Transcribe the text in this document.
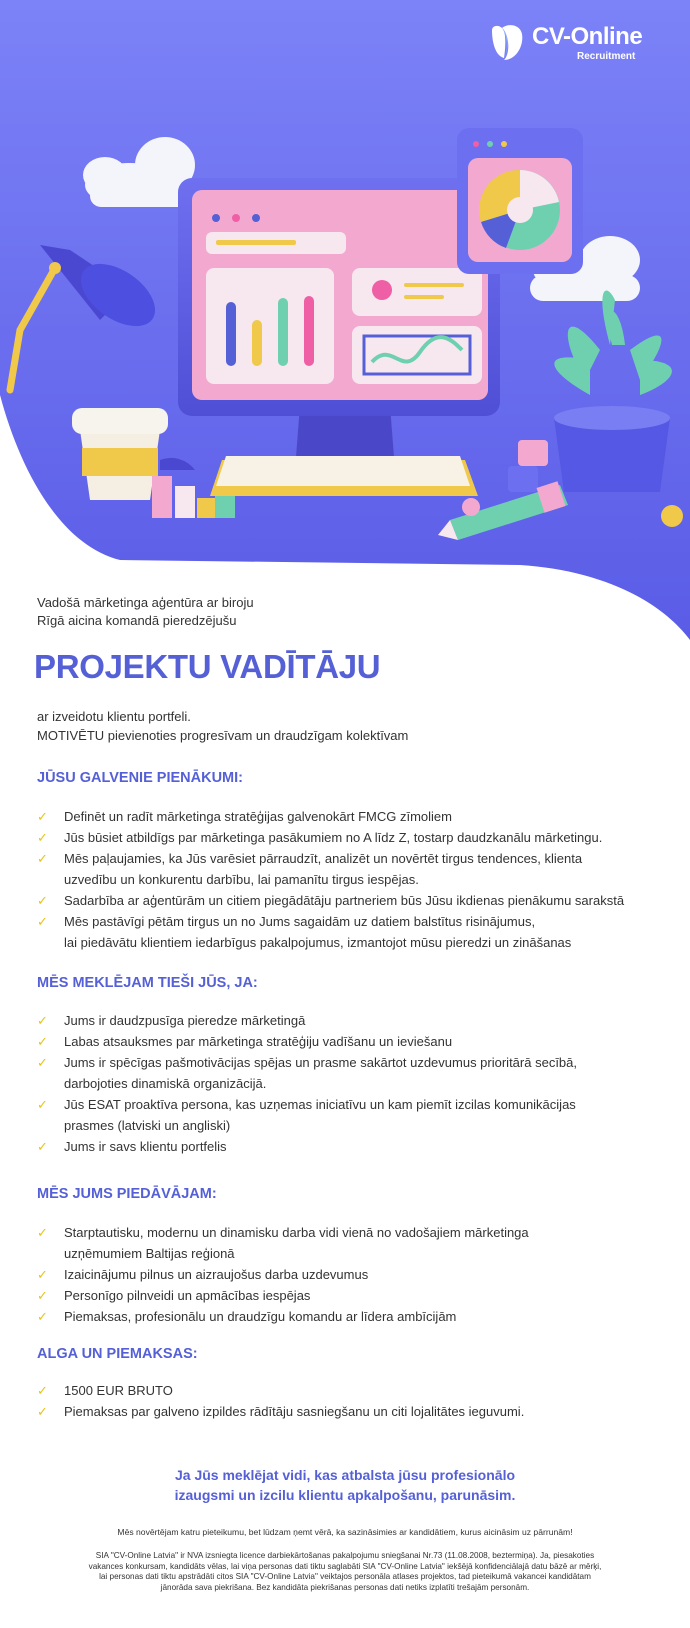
CV-Online
Recruitment
Vadošā mārketinga aģentūra ar biroju
Rīgā aicina komandā pieredzējušu
PROJEKTU VADĪTĀJU
ar izveidotu klientu portfeli.
MOTIVĒTU pievienoties progresīvam un draudzīgam kolektīvam
JŪSU GALVENIE PIENĀKUMI:
✓ Definēt un radīt mārketinga stratēģijas galvenokārt FMCG zīmoliem
✓ Jūs būsiet atbildīgs par mārketinga pasākumiem no A līdz Z, tostarp daudzkanālu mārketingu.
✓ Mēs paļaujamies, ka Jūs varēsiet pārraudzīt, analizēt un novērtēt tirgus tendences, klienta
uzvedību un konkurentu darbību, lai pamanītu tirgus iespējas.
✓ Sadarbība ar aģentūrām un citiem piegādātāju partneriem būs Jūsu ikdienas pienākumu sarakstā
✓ Mēs pastāvīgi pētām tirgus un no Jums sagaidām uz datiem balstītus risinājumus,
lai piedāvātu klientiem iedarbīgus pakalpojumus, izmantojot mūsu pieredzi un zināšanas
MĒS MEKLĒJAM TIEŠI JŪS, JA:
✓ Jums ir daudzpusīga pieredze mārketingā
✓ Labas atsauksmes par mārketinga stratēģiju vadīšanu un ieviešanu
✓ Jums ir spēcīgas pašmotivācijas spējas un prasme sakārtot uzdevumus prioritārā secībā,
darbojoties dinamiskā organizācijā.
✓ Jūs ESAT proaktīva persona, kas uzņemas iniciatīvu un kam piemīt izcilas komunikācijas
prasmes (latviski un angliski)
✓ Jums ir savs klientu portfelis
MĒS JUMS PIEDĀVĀJAM:
✓ Starptautisku, modernu un dinamisku darba vidi vienā no vadošajiem mārketinga
uzņēmumiem Baltijas reģionā
✓ Izaicinājumu pilnus un aizraujošus darba uzdevumus
✓ Personīgo pilnveidi un apmācības iespējas
✓ Piemaksas, profesionālu un draudzīgu komandu ar līdera ambīcijām
ALGA UN PIEMAKSAS:
✓ 1500 EUR BRUTO
✓ Piemaksas par galveno izpildes rādītāju sasniegšanu un citi lojalitātes ieguvumi.
Ja Jūs meklējat vidi, kas atbalsta jūsu profesionālo
izaugsmi un izcilu klientu apkalpošanu, parunāsim.
Mēs novērtējam katru pieteikumu, bet lūdzam ņemt vērā, ka sazināsimies ar kandidātiem, kurus aicināsim uz pārrunām!
SIA "CV-Online Latvia" ir NVA izsniegta licence darbiekārtošanas pakalpojumu sniegšanai Nr.73 (11.08.2008, beztermiņa). Ja, piesakoties
vakances konkursam, kandidāts vēlas, lai viņa personas dati tiktu saglabāti SIA "CV-Online Latvia" iekšējā konfidenciālajā datu bāzē ar mērķi,
lai personas dati tiktu apstrādāti citos SIA "CV-Online Latvia" veiktajos personāla atlases projektos, tad pieteikumā vakancei kandidātam
jānorāda sava piekrišana. Bez kandidāta piekrišanas personas dati netiks izplatīti trešajām personām.
